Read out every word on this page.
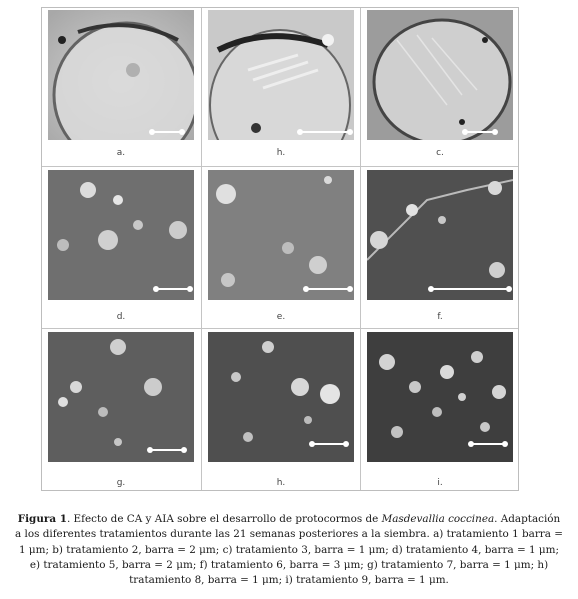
a.	h.	c.
d.	e.	f.
g.	h.	i.
Figura 1. Efecto de CA y AIA sobre el desarrollo de protocormos de Masdevallia coccinea. Adaptación a los diferentes tratamientos durante las 21 semanas posteriores a la siembra. a) tratamiento 1 barra = 1 μm; b) tratamiento 2, barra = 2 μm; c) tratamiento 3, barra = 1 μm; d) tratamiento 4, barra = 1 μm; e) tratamiento 5, barra = 2 μm; f) tratamiento 6, barra = 3 μm; g) tratamiento 7, barra = 1 μm; h) tratamiento 8, barra = 1 μm; i) tratamiento 9, barra = 1 μm.
